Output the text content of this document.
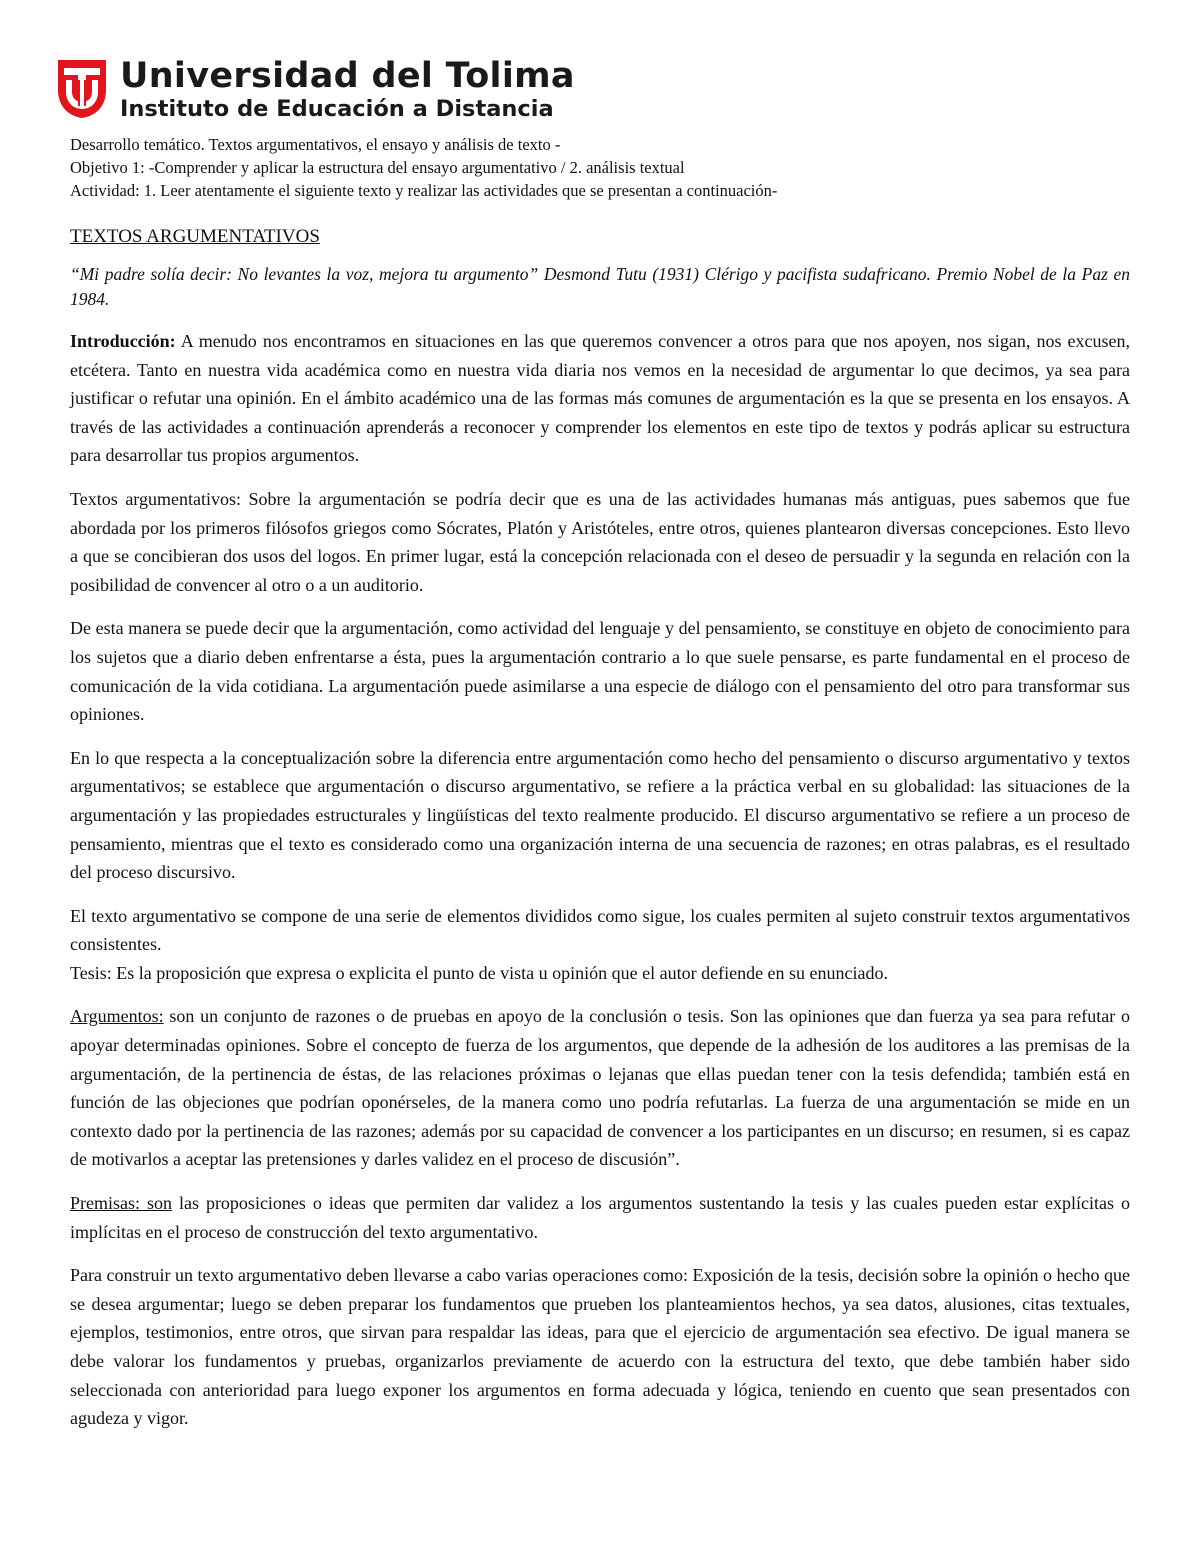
Universidad del Tolima
Instituto de Educación a Distancia
Desarrollo temático. Textos argumentativos, el ensayo y análisis de texto -
Objetivo 1: -Comprender y aplicar la estructura del ensayo argumentativo / 2. análisis textual
Actividad: 1. Leer atentamente el siguiente texto y realizar las actividades que se presentan a continuación-
TEXTOS ARGUMENTATIVOS
“Mi padre solía decir: No levantes la voz, mejora tu argumento” Desmond Tutu (1931) Clérigo y pacifista sudafricano. Premio Nobel de la Paz en 1984.

Introducción: A menudo nos encontramos en situaciones en las que queremos convencer a otros para que nos apoyen, nos sigan, nos excusen, etcétera. Tanto en nuestra vida académica como en nuestra vida diaria nos vemos en la necesidad de argumentar lo que decimos, ya sea para justificar o refutar una opinión. En el ámbito académico una de las formas más comunes de argumentación es la que se presenta en los ensayos. A través de las actividades a continuación aprenderás a reconocer y comprender los elementos en este tipo de textos y podrás aplicar su estructura para desarrollar tus propios argumentos.

Textos argumentativos: Sobre la argumentación se podría decir que es una de las actividades humanas más antiguas, pues sabemos que fue abordada por los primeros filósofos griegos como Sócrates, Platón y Aristóteles, entre otros, quienes plantearon diversas concepciones. Esto llevo a que se concibieran dos usos del logos. En primer lugar, está la concepción relacionada con el deseo de persuadir y la segunda en relación con la posibilidad de convencer al otro o a un auditorio.

De esta manera se puede decir que la argumentación, como actividad del lenguaje y del pensamiento, se constituye en objeto de conocimiento para los sujetos que a diario deben enfrentarse a ésta, pues la argumentación contrario a lo que suele pensarse, es parte fundamental en el proceso de comunicación de la vida cotidiana. La argumentación puede asimilarse a una especie de diálogo con el pensamiento del otro para transformar sus opiniones.

En lo que respecta a la conceptualización sobre la diferencia entre argumentación como hecho del pensamiento o discurso argumentativo y textos argumentativos; se establece que argumentación o discurso argumentativo, se refiere a la práctica verbal en su globalidad: las situaciones de la argumentación y las propiedades estructurales y lingüísticas del texto realmente producido. El discurso argumentativo se refiere a un proceso de pensamiento, mientras que el texto es considerado como una organización interna de una secuencia de razones; en otras palabras, es el resultado del proceso discursivo.

El texto argumentativo se compone de una serie de elementos divididos como sigue, los cuales permiten al sujeto construir textos argumentativos consistentes.
Tesis: Es la proposición que expresa o explicita el punto de vista u opinión que el autor defiende en su enunciado.

Argumentos: son un conjunto de razones o de pruebas en apoyo de la conclusión o tesis. Son las opiniones que dan fuerza ya sea para refutar o apoyar determinadas opiniones. Sobre el concepto de fuerza de los argumentos, que depende de la adhesión de los auditores a las premisas de la argumentación, de la pertinencia de éstas, de las relaciones próximas o lejanas que ellas puedan tener con la tesis defendida; también está en función de las objeciones que podrían oponérseles, de la manera como uno podría refutarlas. La fuerza de una argumentación se mide en un contexto dado por la pertinencia de las razones; además por su capacidad de convencer a los participantes en un discurso; en resumen, si es capaz de motivarlos a aceptar las pretensiones y darles validez en el proceso de discusión”.

Premisas: son las proposiciones o ideas que permiten dar validez a los argumentos sustentando la tesis y las cuales pueden estar explícitas o implícitas en el proceso de construcción del texto argumentativo.

Para construir un texto argumentativo deben llevarse a cabo varias operaciones como: Exposición de la tesis, decisión sobre la opinión o hecho que se desea argumentar; luego se deben preparar los fundamentos que prueben los planteamientos hechos, ya sea datos, alusiones, citas textuales, ejemplos, testimonios, entre otros, que sirvan para respaldar las ideas, para que el ejercicio de argumentación sea efectivo. De igual manera se debe valorar los fundamentos y pruebas, organizarlos previamente de acuerdo con la estructura del texto, que debe también haber sido seleccionada con anterioridad para luego exponer los argumentos en forma adecuada y lógica, teniendo en cuento que sean presentados con agudeza y vigor.
